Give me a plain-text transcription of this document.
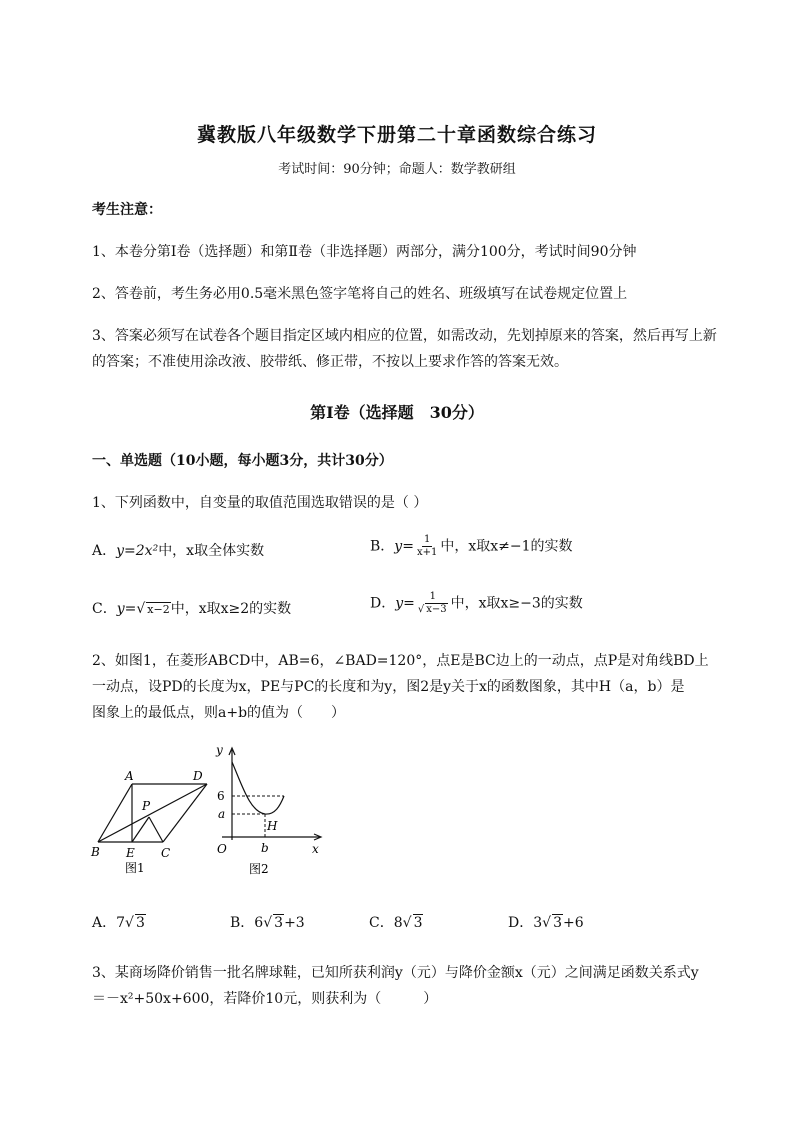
冀教版八年级数学下册第二十章函数综合练习
考试时间：90分钟；命题人：数学教研组
考生注意：
1、本卷分第Ⅰ卷（选择题）和第Ⅱ卷（非选择题）两部分，满分100分，考试时间90分钟
2、答卷前，考生务必用0.5毫米黑色签字笔将自己的姓名、班级填写在试卷规定位置上
3、答案必须写在试卷各个题目指定区域内相应的位置，如需改动，先划掉原来的答案，然后再写上新
的答案；不准使用涂改液、胶带纸、修正带，不按以上要求作答的答案无效。
第Ⅰ卷（选择题　30分）
一、单选题（10小题，每小题3分，共计30分）
1、下列函数中，自变量的取值范围选取错误的是（ ）
A．y=2x²中，x取全体实数	B．$y= \frac{1}{x+1}$ 中，x取x≠−1的实数
C．y=√ x−2中，x取x≥2的实数	D．$y= \frac{1}{√ x-3}$ 中，x取x≥−3的实数
2、如图1，在菱形ABCD中，AB=6，∠BAD=120°，点E是BC边上的一动点，点P是对角线BD上
一动点，设PD的长度为x，PE与PC的长度和为y，图2是y关于x的函数图象，其中H（a，b）是
图象上的最低点，则a+b的值为（　　）
A	D
B E C
P
图1
y
x
O
6
a
b
H
图2
A．7√ 3	B．6√ 3+3	C．8√ 3	D．3√ 3+6
3、某商场降价销售一批名牌球鞋，已知所获利润y（元）与降价金额x（元）之间满足函数关系式y
＝－x²+50x+600，若降价10元，则获利为（　　　）
